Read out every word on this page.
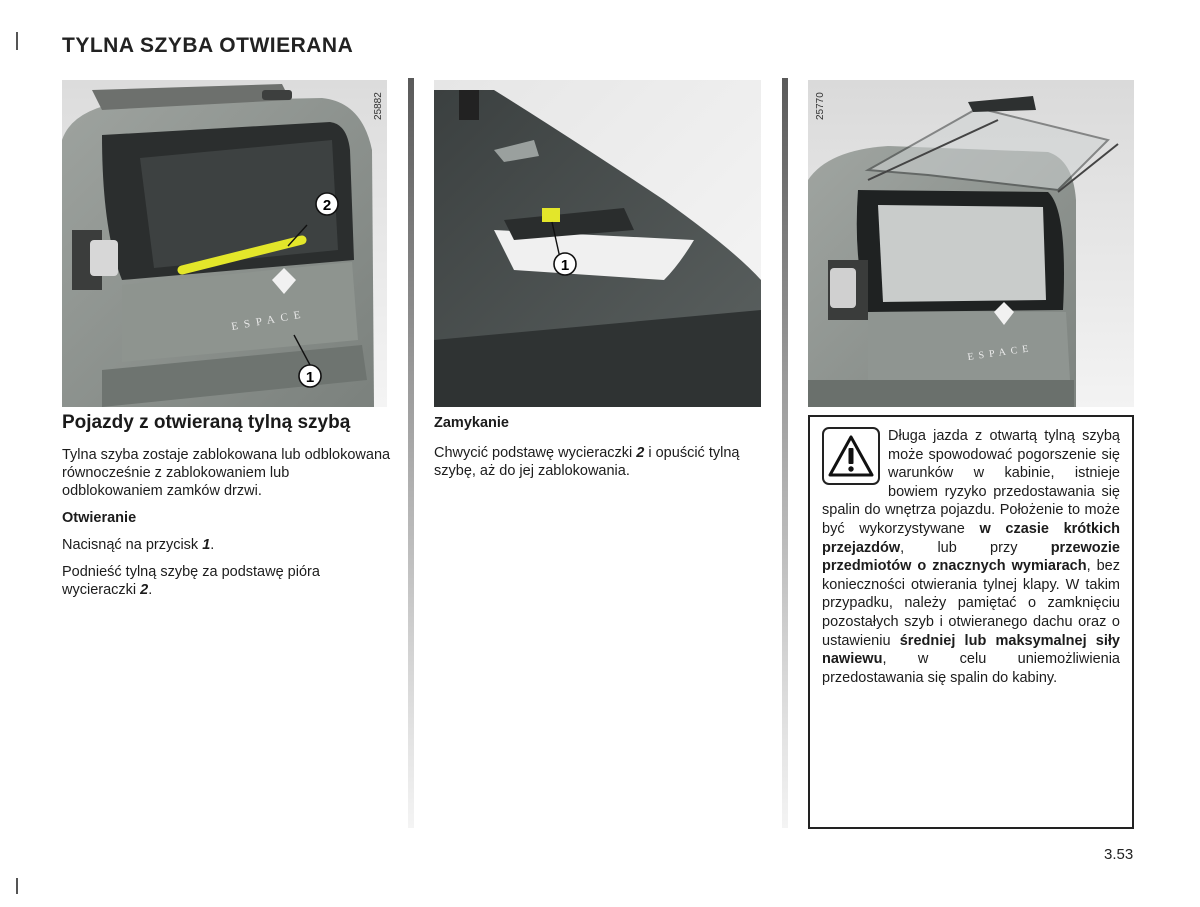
TYLNA SZYBA OTWIERANA
ESPACE
1
2
25882
1
ESPACE
25770
Pojazdy z otwieraną tylną szybą

Tylna szyba zostaje zablokowana lub odblokowana równocześnie z zablokowaniem lub odblokowaniem zamków drzwi.

Otwieranie

Nacisnąć na przycisk 1.

Podnieść tylną szybę za podstawę pióra wycieraczki 2.

Zamykanie

Chwycić podstawę wycieraczki 2 i opuścić tylną szybę, aż do jej zablokowania.

Długa jazda z otwartą tylną szybą może spowodować pogorszenie się warunków w kabinie, istnieje bowiem ryzyko przedostawania się spalin do wnętrza pojazdu. Położenie to może być wykorzystywane w czasie krótkich przejazdów, lub przy przewozie przedmiotów o znacznych wymiarach, bez konieczności otwierania tylnej klapy. W takim przypadku, należy pamiętać o zamknięciu pozostałych szyb i otwieranego dachu oraz o ustawieniu średniej lub maksymalnej siły nawiewu, w celu uniemożliwienia przedostawania się spalin do kabiny.
3.53
